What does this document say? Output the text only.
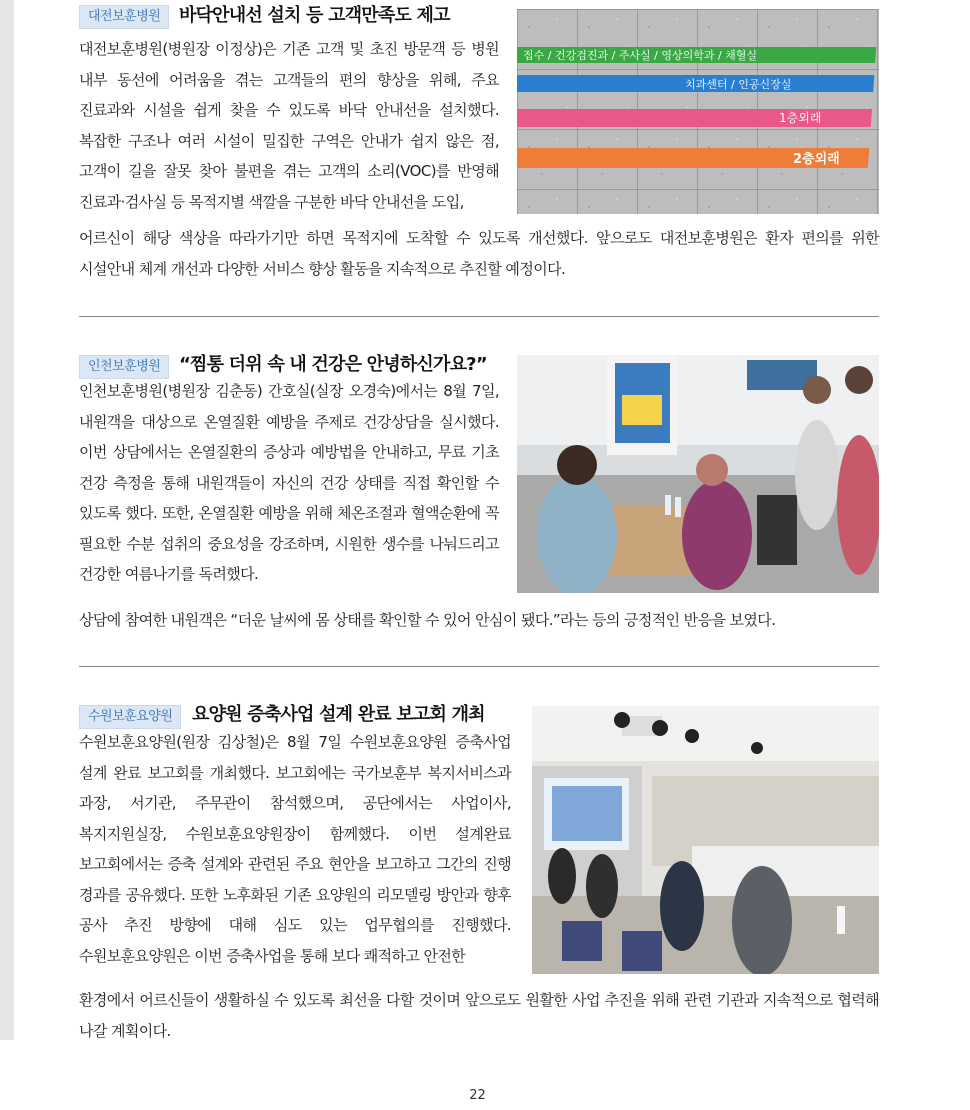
대전보훈병원	바닥안내선 설치 등 고객만족도 제고

대전보훈병원(병원장 이정상)은 기존 고객 및 초진 방문객 등 병원 내부 동선에 어려움을 겪는 고객들의 편의 향상을 위해, 주요 진료과와 시설을 쉽게 찾을 수 있도록 바닥 안내선을 설치했다. 복잡한 구조나 여러 시설이 밀집한 구역은 안내가 쉽지 않은 점, 고객이 길을 잘못 찾아 불편을 겪는 고객의 소리(VOC)를 반영해 진료과·검사실 등 목적지별 색깔을 구분한 바닥 안내선을 도입,

접수 / 건강검진과 / 주사실 / 영상의학과 / 채혈실
치과센터 / 인공신장실
1층외래
2층외래

어르신이 해당 색상을 따라가기만 하면 목적지에 도착할 수 있도록 개선했다. 앞으로도 대전보훈병원은 환자 편의를 위한 시설안내 체계 개선과 다양한 서비스 향상 활동을 지속적으로 추진할 예정이다.

인천보훈병원	“찜통 더위 속 내 건강은 안녕하신가요?”

인천보훈병원(병원장 김춘동) 간호실(실장 오경숙)에서는 8월 7일, 내원객을 대상으로 온열질환 예방을 주제로 건강상담을 실시했다. 이번 상담에서는 온열질환의 증상과 예방법을 안내하고, 무료 기초 건강 측정을 통해 내원객들이 자신의 건강 상태를 직접 확인할 수 있도록 했다. 또한, 온열질환 예방을 위해 체온조절과 혈액순환에 꼭 필요한 수분 섭취의 중요성을 강조하며, 시원한 생수를 나눠드리고 건강한 여름나기를 독려했다.

상담에 참여한 내원객은 “더운 날씨에 몸 상태를 확인할 수 있어 안심이 됐다.”라는 등의 긍정적인 반응을 보였다.

수원보훈요양원	요양원 증축사업 설계 완료 보고회 개최

수원보훈요양원(원장 김상철)은 8월 7일 수원보훈요양원 증축사업 설계 완료 보고회를 개최했다. 보고회에는 국가보훈부 복지서비스과 과장, 서기관, 주무관이 참석했으며, 공단에서는 사업이사, 복지지원실장, 수원보훈요양원장이 함께했다. 이번 설계완료 보고회에서는 증축 설계와 관련된 주요 현안을 보고하고 그간의 진행 경과를 공유했다. 또한 노후화된 기존 요양원의 리모델링 방안과 향후 공사 추진 방향에 대해 심도 있는 업무협의를 진행했다. 수원보훈요양원은 이번 증축사업을 통해 보다 쾌적하고 안전한

환경에서 어르신들이 생활하실 수 있도록 최선을 다할 것이며 앞으로도 원활한 사업 추진을 위해 관련 기관과 지속적으로 협력해 나갈 계획이다.

22
